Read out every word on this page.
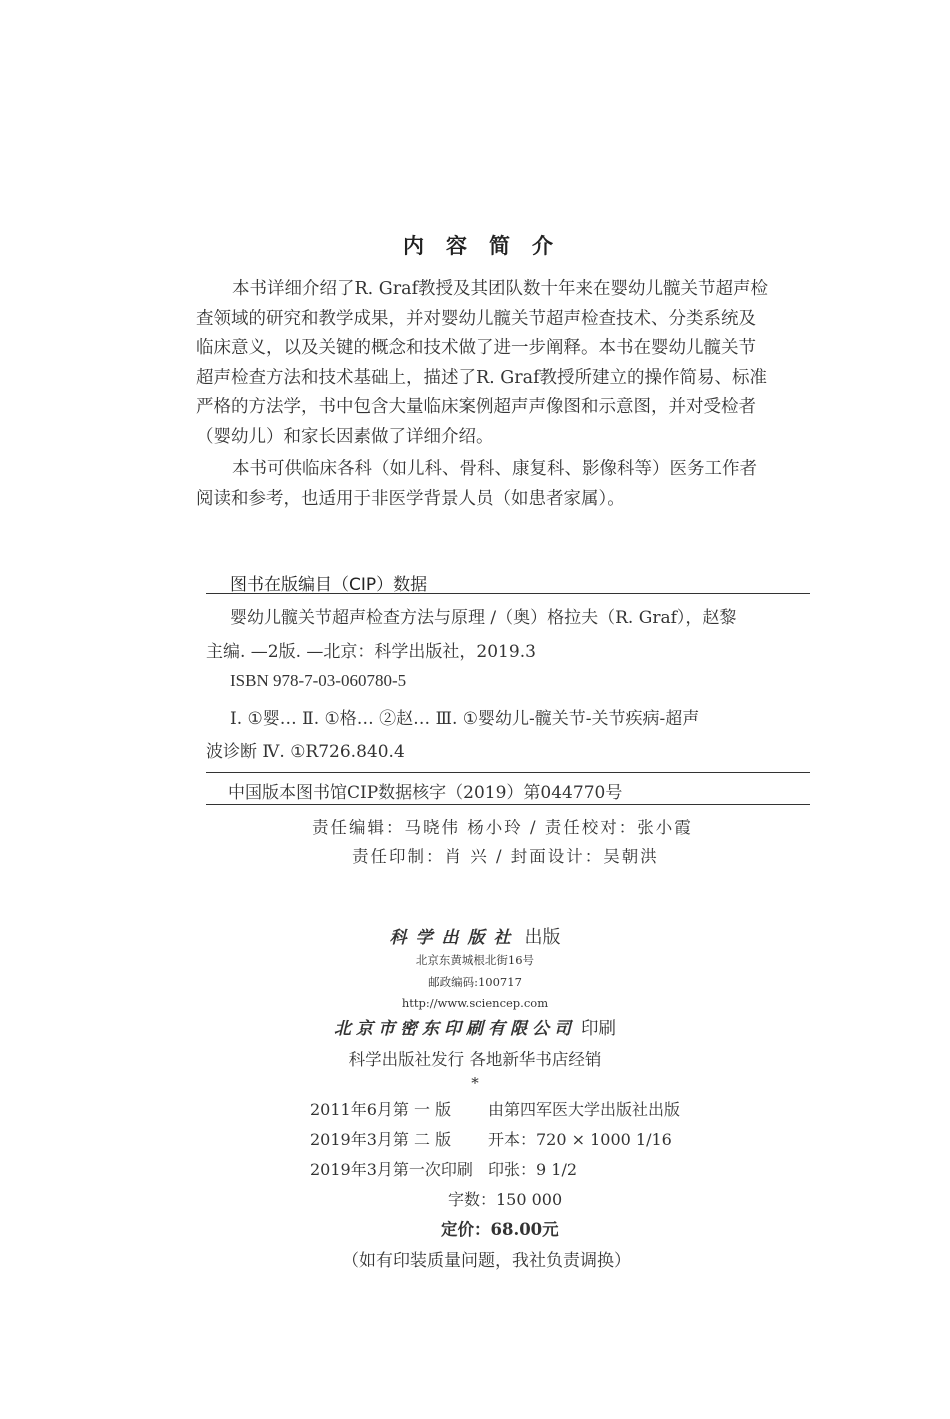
内容简介
本书详细介绍了R. Graf教授及其团队数十年来在婴幼儿髋关节超声检
查领域的研究和教学成果，并对婴幼儿髋关节超声检查技术、分类系统及
临床意义，以及关键的概念和技术做了进一步阐释。本书在婴幼儿髋关节
超声检查方法和技术基础上，描述了R. Graf教授所建立的操作简易、标准
严格的方法学，书中包含大量临床案例超声声像图和示意图，并对受检者
（婴幼儿）和家长因素做了详细介绍。
本书可供临床各科（如儿科、骨科、康复科、影像科等）医务工作者
阅读和参考，也适用于非医学背景人员（如患者家属）。
图书在版编目（CIP）数据
婴幼儿髋关节超声检查方法与原理 /（奥）格拉夫（R. Graf），赵黎
主编. —2版. —北京：科学出版社，2019.3
ISBN 978-7-03-060780-5
Ⅰ. ①婴… Ⅱ. ①格… ②赵… Ⅲ. ①婴幼儿-髋关节-关节疾病-超声
波诊断 Ⅳ. ①R726.840.4
中国版本图书馆CIP数据核字（2019）第044770号
责任编辑：马晓伟 杨小玲 / 责任校对：张小霞
责任印制：肖 兴 / 封面设计：吴朝洪
科学出版社 出版
北京东黄城根北街16号
邮政编码:100717
http://www.sciencep.com
北京市密东印刷有限公司 印刷
科学出版社发行 各地新华书店经销
*
2011年6月第 一 版 由第四军医大学出版社出版
2019年3月第 二 版 开本：720 × 1000 1/16
2019年3月第一次印刷 印张：9 1/2
字数：150 000
定价：68.00元
（如有印装质量问题，我社负责调换）
